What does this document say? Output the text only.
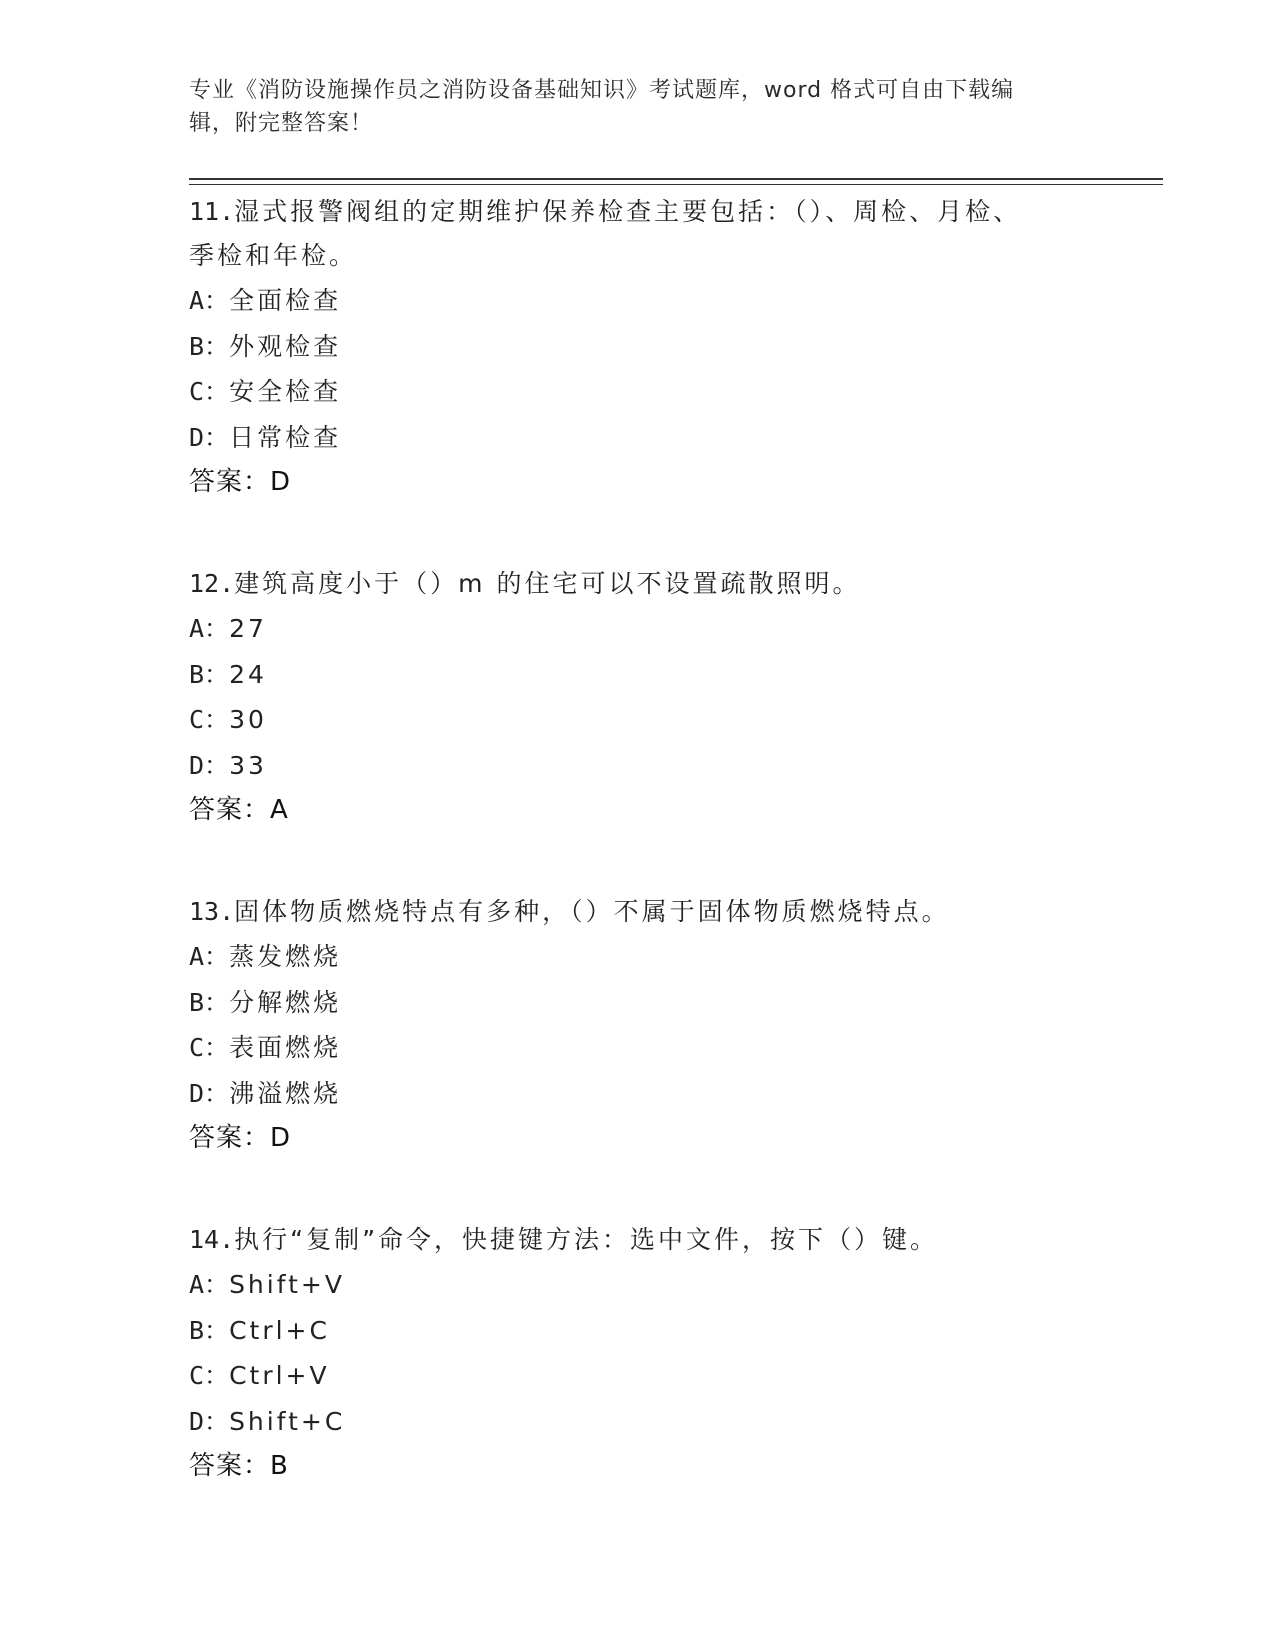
专业《消防设施操作员之消防设备基础知识》考试题库，word 格式可自由下载编
辑，附完整答案！
11.湿式报警阀组的定期维护保养检查主要包括：（）、周检、月检、
季检和年检。
A：全面检查
B：外观检查
C：安全检查
D：日常检查
答案：D
12.建筑高度小于（）m 的住宅可以不设置疏散照明。
A：27
B：24
C：30
D：33
答案：A
13.固体物质燃烧特点有多种，（）不属于固体物质燃烧特点。
A：蒸发燃烧
B：分解燃烧
C：表面燃烧
D：沸溢燃烧
答案：D
14.执行“复制”命令，快捷键方法：选中文件，按下（）键。
A：Shift+V
B：Ctrl+C
C：Ctrl+V
D：Shift+C
答案：B
